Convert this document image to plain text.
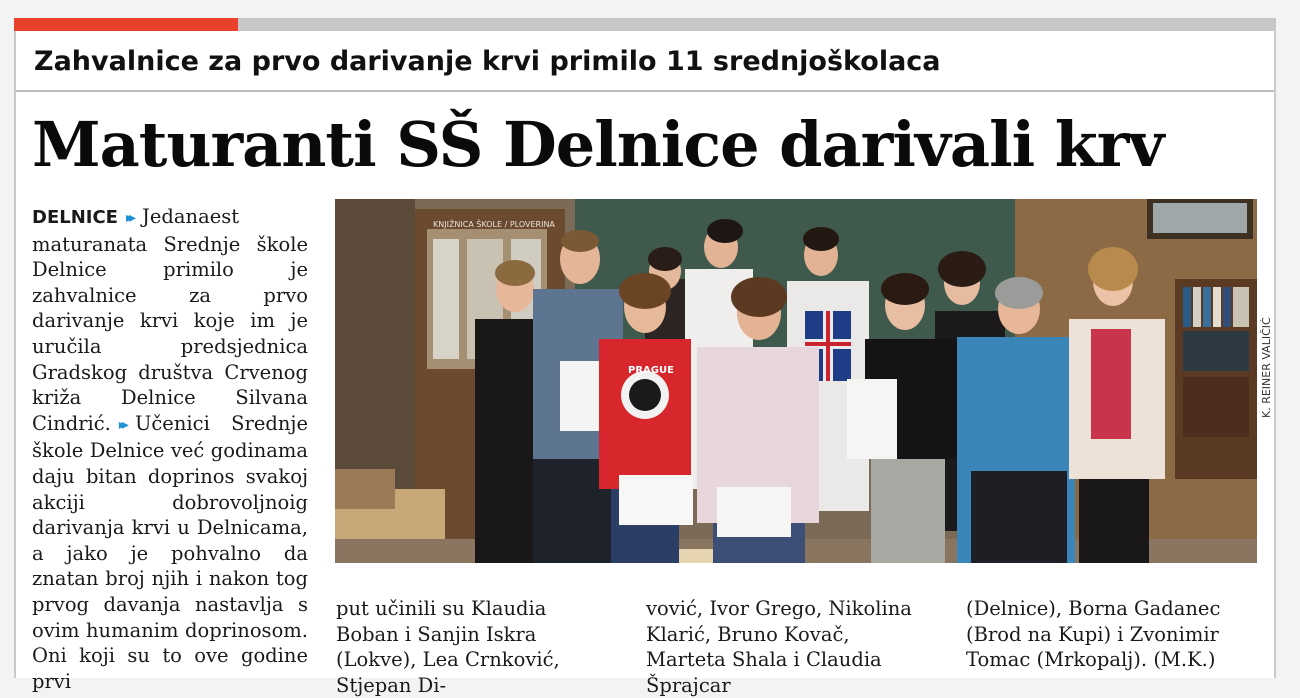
Zahvalnice za prvo darivanje krvi primilo 11 srednjoškolaca
Maturanti SŠ Delnice darivali krv
DELNICE ▸▸ Jedanaest maturanata Srednje škole Delnice primilo je zahvalnice za prvo darivanje krvi koje im je uručila predsjednica Gradskog društva Crvenog križa Delnice Silvana Cindrić. ▸▸ Učenici Srednje škole Delnice već godinama daju bitan doprinos svakoj akciji dobrovoljnoig darivanja krvi u Delnicama, a jako je pohvalno da znatan broj njih i nakon tog prvog davanja nastavlja s ovim humanim doprinosom. Oni koji su to ove godine prvi
KNJIŽNICA ŠKOLE / PLOVERINA
PRAGUE	K. REINER VALIČIĆ
put učinili su Klaudia Boban i Sanjin Iskra (Lokve), Lea Crnković, Stjepan Di-
vović, Ivor Grego, Nikolina Klarić, Bruno Kovač, Marteta Shala i Claudia Šprajcar
(Delnice), Borna Gadanec (Brod na Kupi) i Zvonimir Tomac (Mrkopalj). (M.K.)
